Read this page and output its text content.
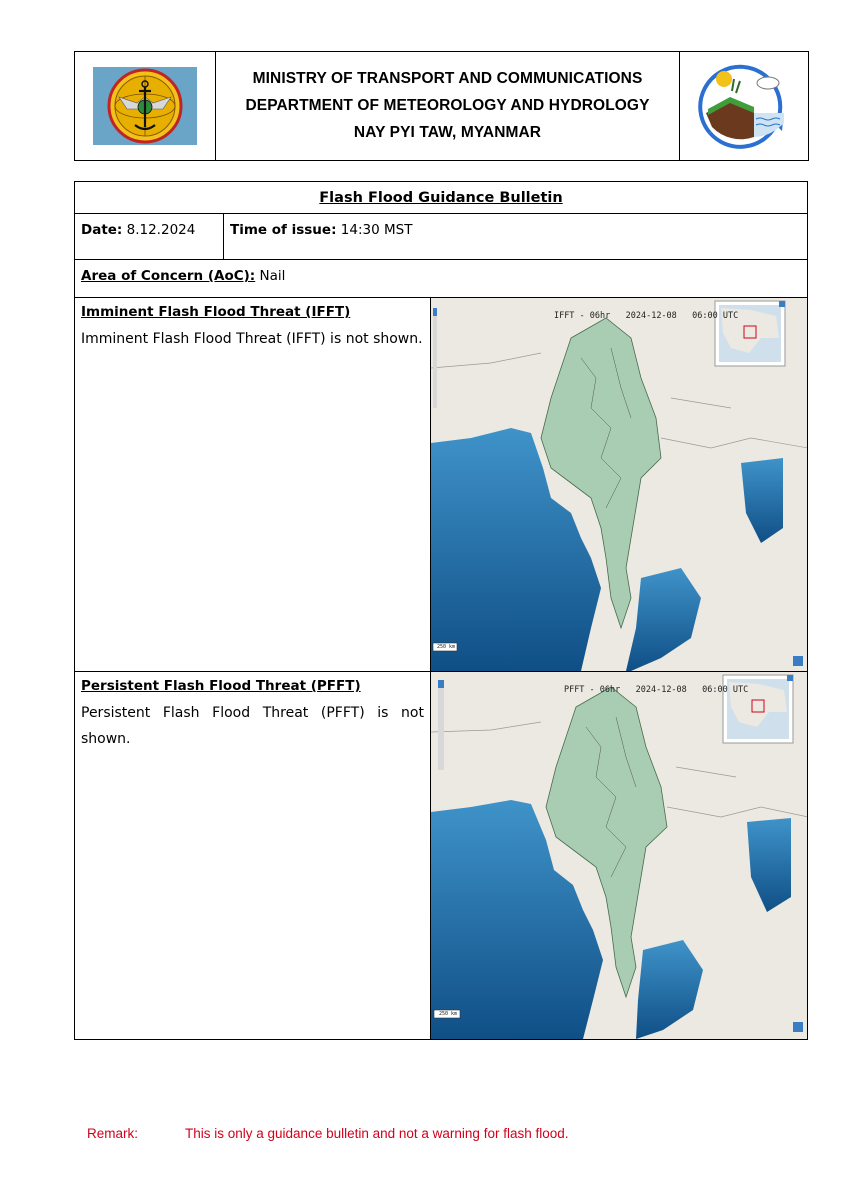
MINISTRY OF TRANSPORT AND COMMUNICATIONS
DEPARTMENT OF METEOROLOGY AND HYDROLOGY
NAY PYI TAW, MYANMAR
Flash Flood Guidance Bulletin
Date: 8.12.2024	Time of issue: 14:30 MST
Area of Concern (AoC): Nail
Imminent Flash Flood Threat (IFFT)
Imminent Flash Flood Threat (IFFT) is not shown.

IFFT - 06hr 2024-12-08 06:00 UTC

250 km
Persistent Flash Flood Threat (PFFT)
Persistent Flash Flood Threat (PFFT) is not shown.

PFFT - 06hr 2024-12-08 06:00 UTC

250 km
Remark:	This is only a guidance bulletin and not a warning for flash flood.
